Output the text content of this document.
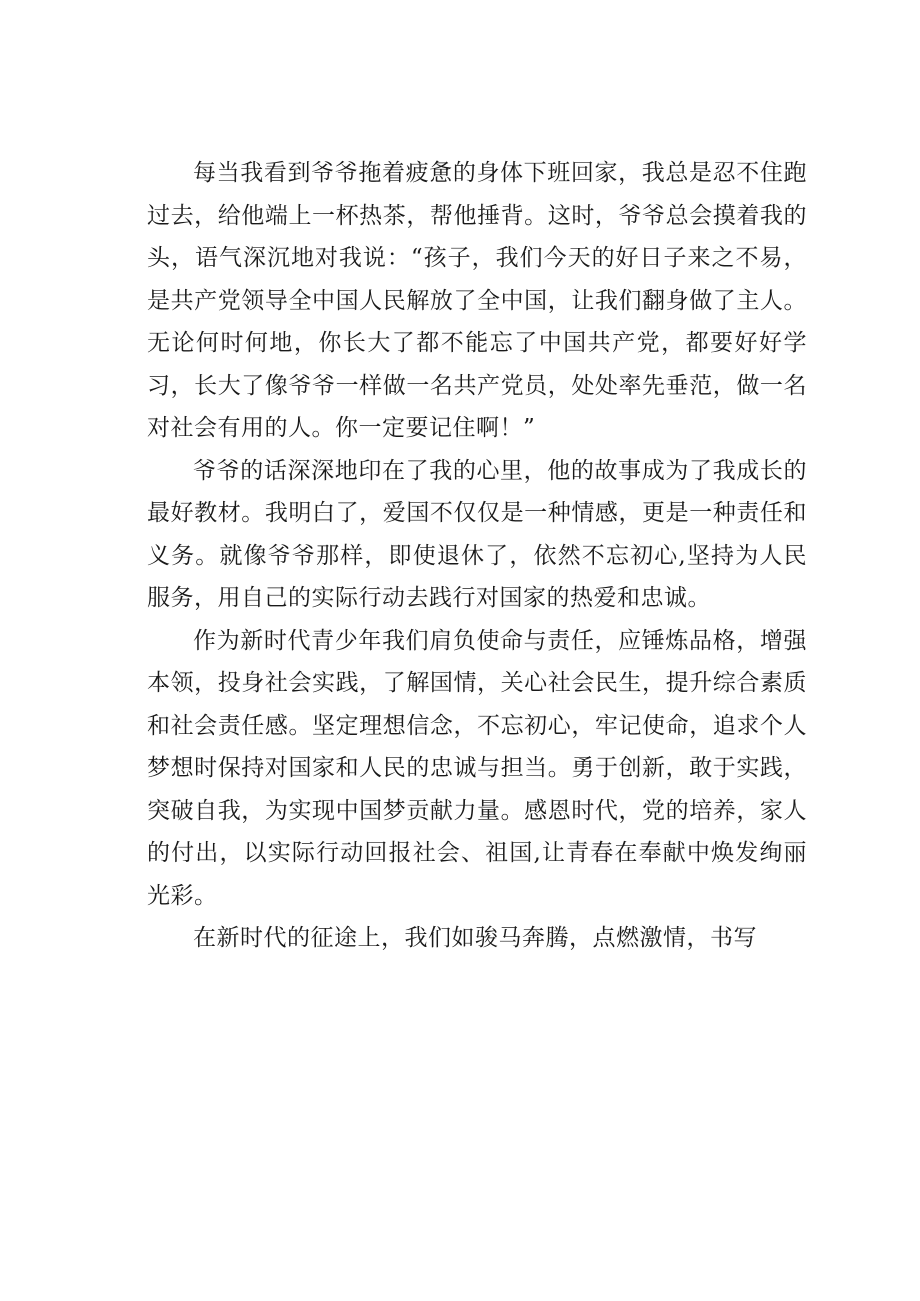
每当我看到爷爷拖着疲惫的身体下班回家，我总是忍不住跑过去，给他端上一杯热茶，帮他捶背。这时，爷爷总会摸着我的头，语气深沉地对我说：“孩子，我们今天的好日子来之不易，是共产党领导全中国人民解放了全中国，让我们翻身做了主人。无论何时何地，你长大了都不能忘了中国共产党，都要好好学习，长大了像爷爷一样做一名共产党员，处处率先垂范，做一名对社会有用的人。你一定要记住啊！”

爷爷的话深深地印在了我的心里，他的故事成为了我成长的最好教材。我明白了，爱国不仅仅是一种情感，更是一种责任和义务。就像爷爷那样，即使退休了，依然不忘初心,坚持为人民服务，用自己的实际行动去践行对国家的热爱和忠诚。

作为新时代青少年我们肩负使命与责任，应锤炼品格，增强本领，投身社会实践，了解国情，关心社会民生，提升综合素质和社会责任感。坚定理想信念，不忘初心，牢记使命，追求个人梦想时保持对国家和人民的忠诚与担当。勇于创新，敢于实践，突破自我，为实现中国梦贡献力量。感恩时代，党的培养，家人的付出，以实际行动回报社会、祖国,让青春在奉献中焕发绚丽光彩。

在新时代的征途上，我们如骏马奔腾，点燃激情，书写
